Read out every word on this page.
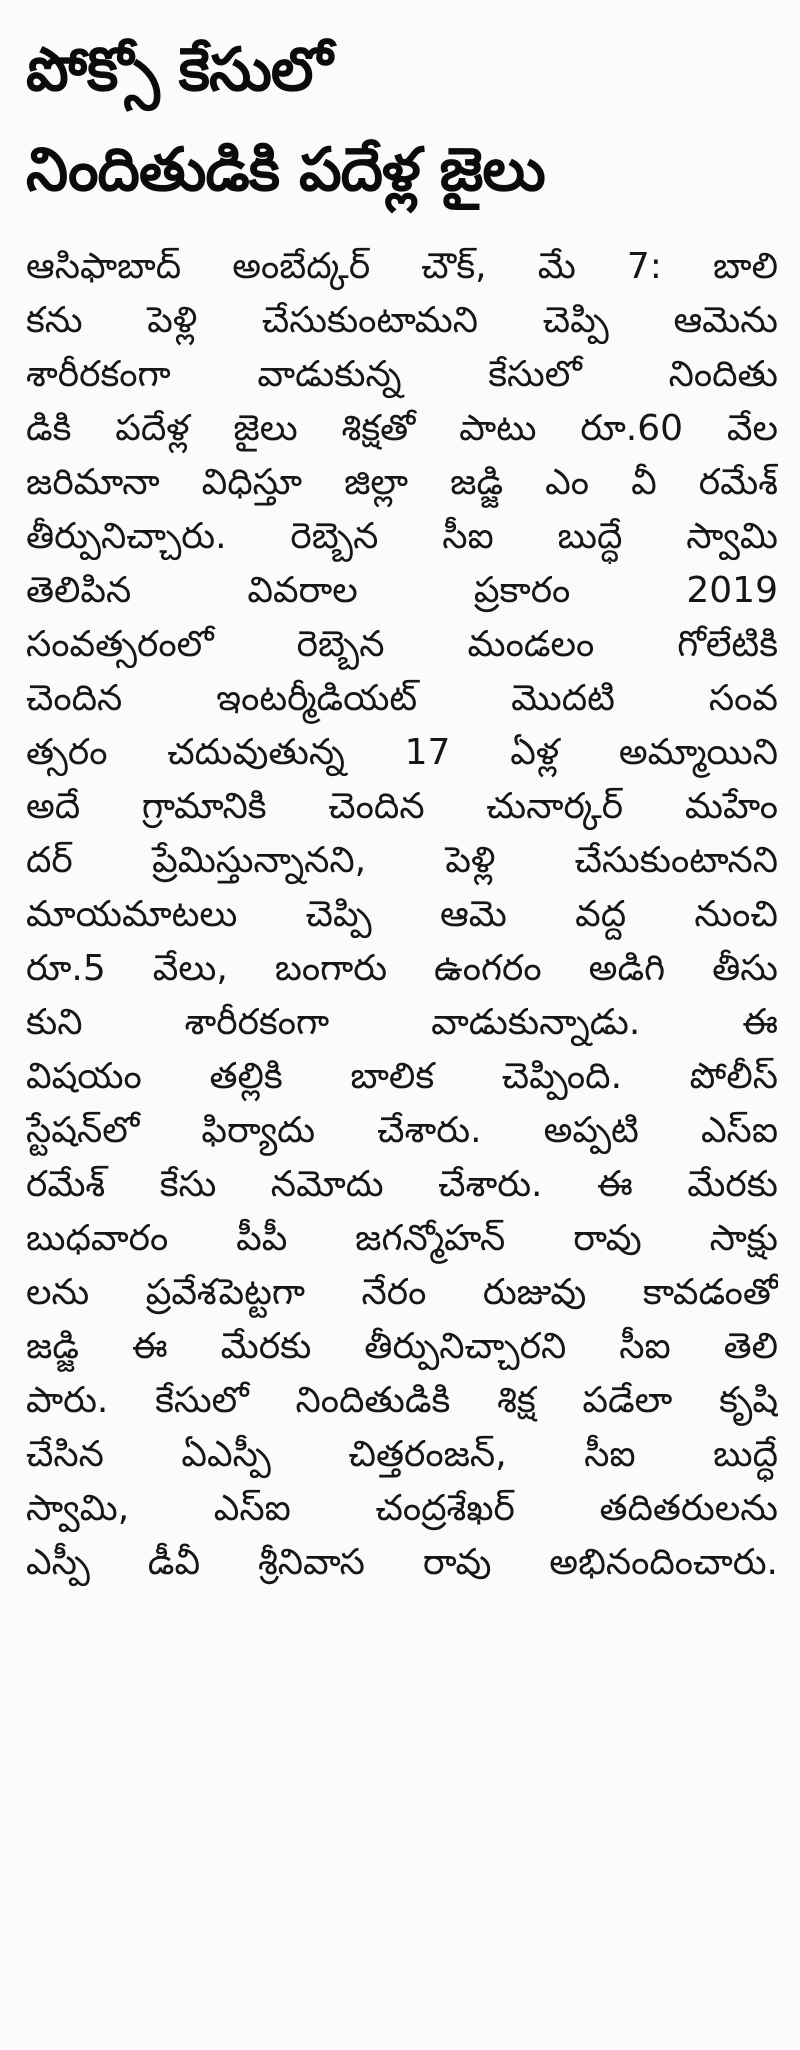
పోక్సో కేసులో
నిందితుడికి పదేళ్ల జైలు
ఆసిఫాబాద్ అంబేద్కర్ చౌక్, మే 7: బాలి
కను పెళ్లి చేసుకుంటామని చెప్పి ఆమెను
శారీరకంగా వాడుకున్న కేసులో నిందితు
డికి పదేళ్ల జైలు శిక్షతో పాటు రూ.60 వేల
జరిమానా విధిస్తూ జిల్లా జడ్జి ఎం వీ రమేశ్
తీర్పునిచ్చారు. రెబ్బెన సీఐ బుద్ధే స్వామి
తెలిపిన వివరాల ప్రకారం 2019
సంవత్సరంలో రెబ్బెన మండలం గోలేటికి
చెందిన ఇంటర్మీడియట్ మొదటి సంవ
త్సరం చదువుతున్న 17 ఏళ్ల అమ్మాయిని
అదే గ్రామానికి చెందిన చునార్కర్ మహేం
దర్ ప్రేమిస్తున్నానని, పెళ్లి చేసుకుంటానని
మాయమాటలు చెప్పి ఆమె వద్ద నుంచి
రూ.5 వేలు, బంగారు ఉంగరం అడిగి తీసు
కుని శారీరకంగా వాడుకున్నాడు. ఈ
విషయం తల్లికి బాలిక చెప్పింది. పోలీస్
స్టేషన్‌లో ఫిర్యాదు చేశారు. అప్పటి ఎస్ఐ
రమేశ్ కేసు నమోదు చేశారు. ఈ మేరకు
బుధవారం పీపీ జగన్మోహన్ రావు సాక్షు
లను ప్రవేశపెట్టగా నేరం రుజువు కావడంతో
జడ్జి ఈ మేరకు తీర్పునిచ్చారని సీఐ తెలి
పారు. కేసులో నిందితుడికి శిక్ష పడేలా కృషి
చేసిన ఏఎస్పీ చిత్తరంజన్, సీఐ బుద్ధే
స్వామి, ఎస్ఐ చంద్రశేఖర్ తదితరులను
ఎస్పీ డీవీ శ్రీనివాస రావు అభినందించారు.
